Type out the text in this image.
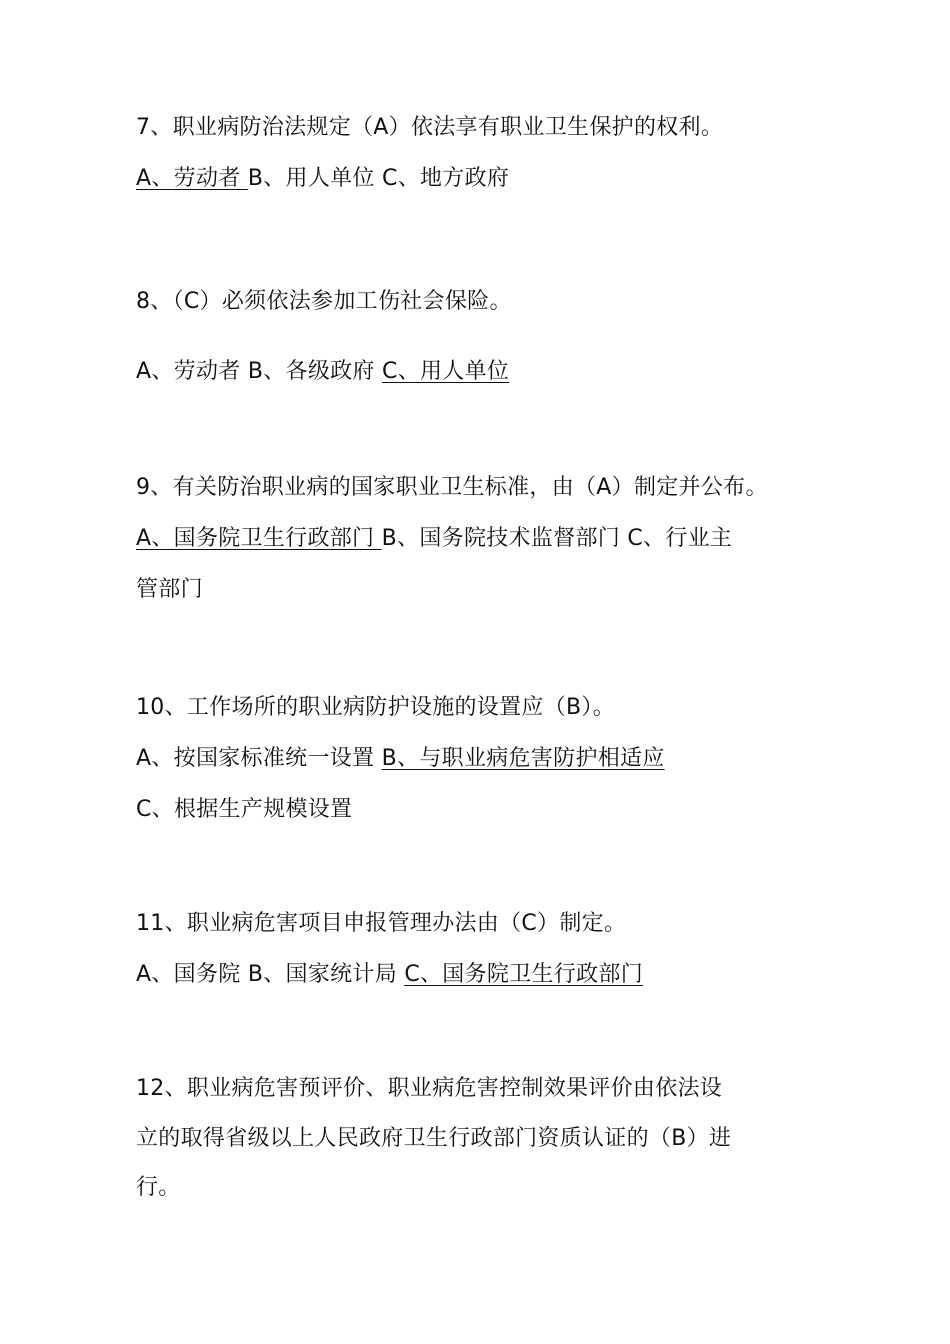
7、职业病防治法规定（A）依法享有职业卫生保护的权利。
A、劳动者 B、用人单位 C、地方政府
8、（C）必须依法参加工伤社会保险。
A、劳动者 B、各级政府 C、用人单位
9、有关防治职业病的国家职业卫生标准，由（A）制定并公布。
A、国务院卫生行政部门 B、国务院技术监督部门 C、行业主
管部门
10、工作场所的职业病防护设施的设置应（B）。
A、按国家标准统一设置 B、与职业病危害防护相适应
C、根据生产规模设置
11、职业病危害项目申报管理办法由（C）制定。
A、国务院 B、国家统计局 C、国务院卫生行政部门
12、职业病危害预评价、职业病危害控制效果评价由依法设
立的取得省级以上人民政府卫生行政部门资质认证的（B）进
行。
